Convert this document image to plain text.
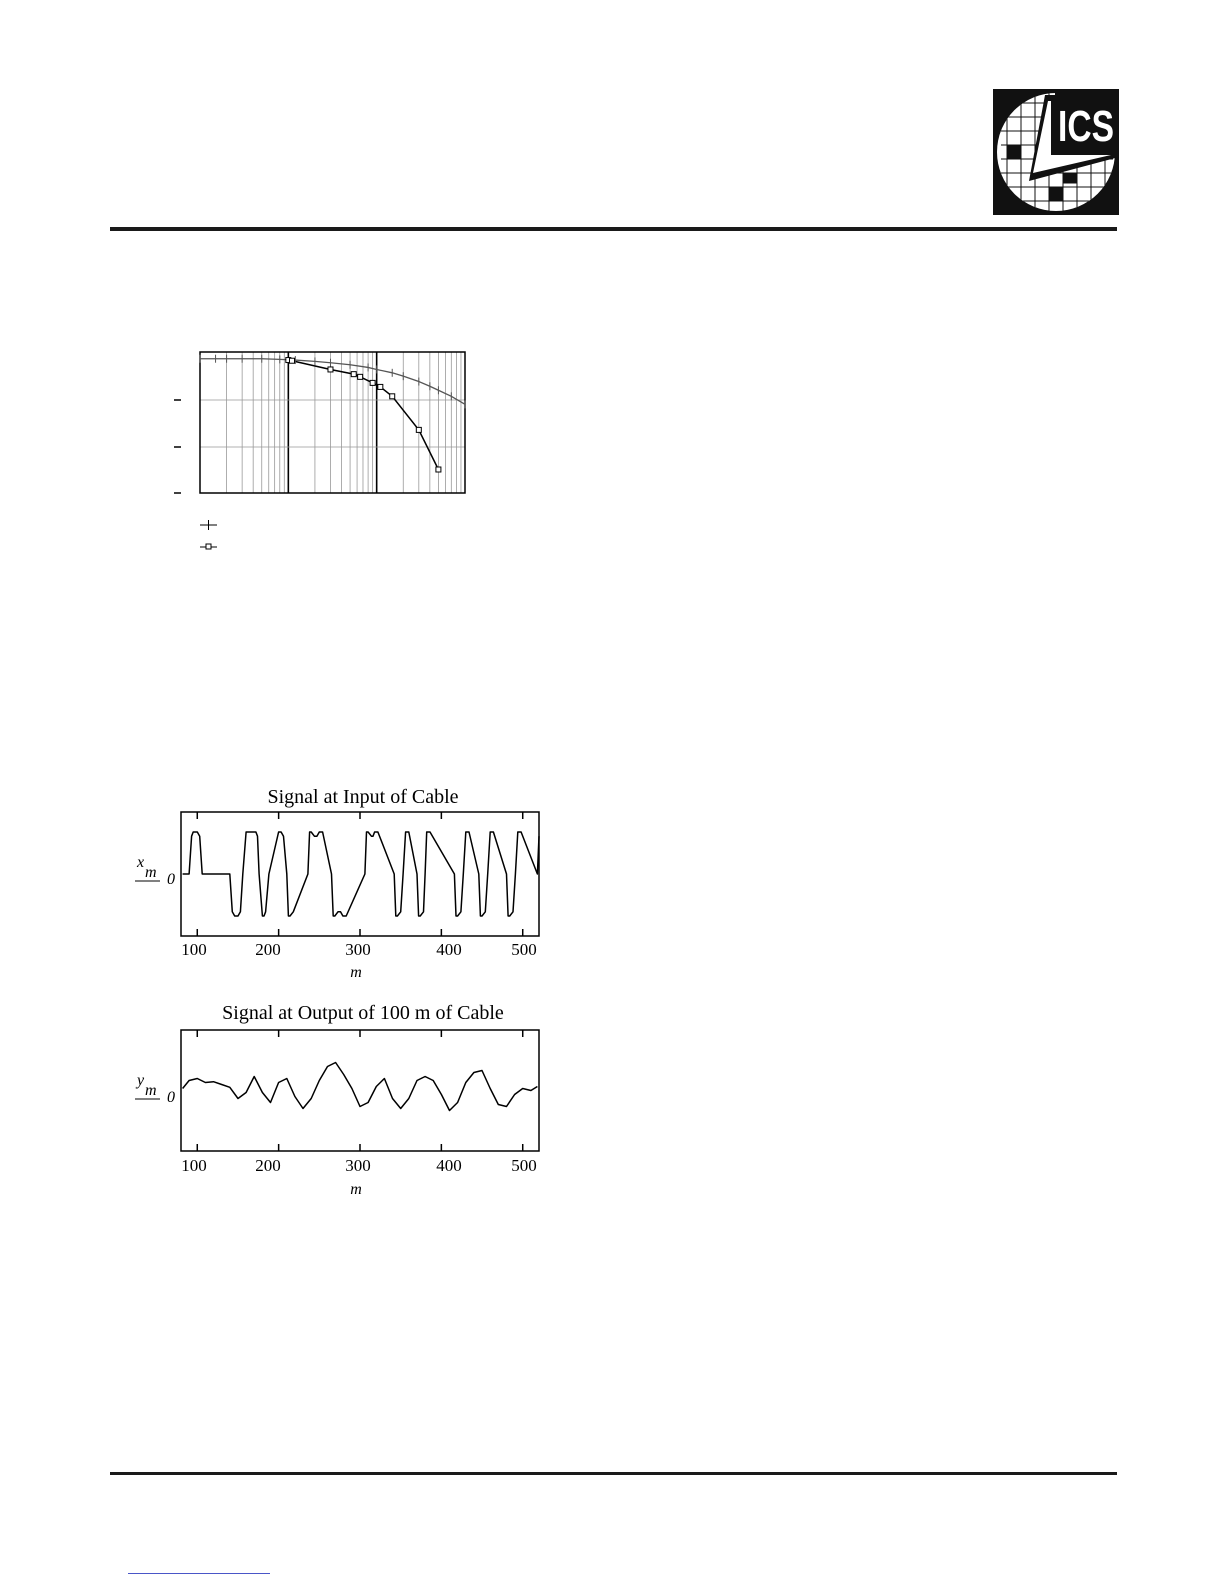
ICS
Signal at Input of Cable
x
m 0
100	200	300	400	500
m
Signal at Output of 100 m of Cable
y
m 0
100	200	300	400	500
m
